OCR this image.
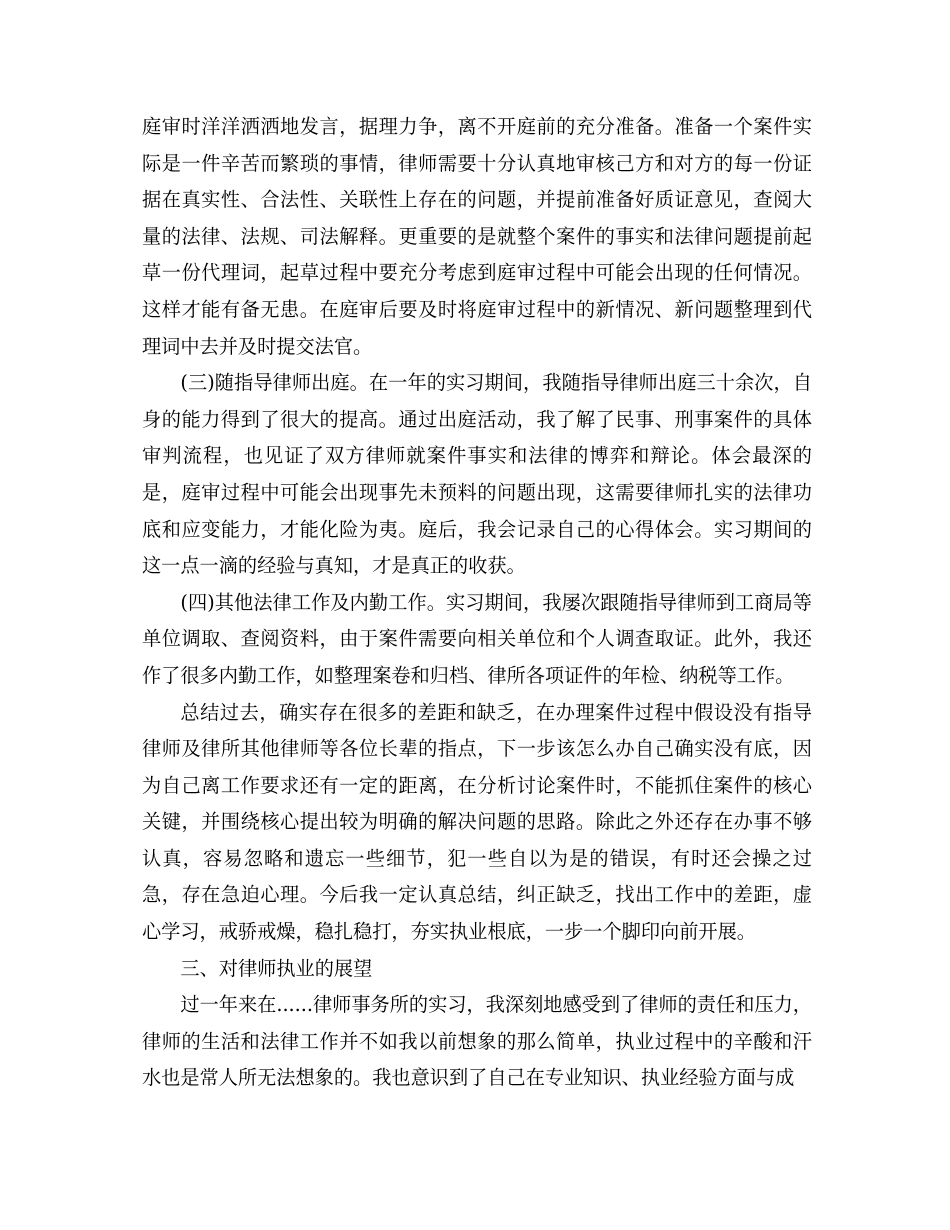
庭审时洋洋洒洒地发言，据理力争，离不开庭前的充分准备。准备一个案件实际是一件辛苦而繁琐的事情，律师需要十分认真地审核己方和对方的每一份证据在真实性、合法性、关联性上存在的问题，并提前准备好质证意见，查阅大量的法律、法规、司法解释。更重要的是就整个案件的事实和法律问题提前起草一份代理词，起草过程中要充分考虑到庭审过程中可能会出现的任何情况。这样才能有备无患。在庭审后要及时将庭审过程中的新情况、新问题整理到代理词中去并及时提交法官。

(三)随指导律师出庭。在一年的实习期间，我随指导律师出庭三十余次，自身的能力得到了很大的提高。通过出庭活动，我了解了民事、刑事案件的具体审判流程，也见证了双方律师就案件事实和法律的博弈和辩论。体会最深的是，庭审过程中可能会出现事先未预料的问题出现，这需要律师扎实的法律功底和应变能力，才能化险为夷。庭后，我会记录自己的心得体会。实习期间的这一点一滴的经验与真知，才是真正的收获。

(四)其他法律工作及内勤工作。实习期间，我屡次跟随指导律师到工商局等单位调取、查阅资料，由于案件需要向相关单位和个人调查取证。此外，我还作了很多内勤工作，如整理案卷和归档、律所各项证件的年检、纳税等工作。

总结过去，确实存在很多的差距和缺乏，在办理案件过程中假设没有指导律师及律所其他律师等各位长辈的指点，下一步该怎么办自己确实没有底，因为自己离工作要求还有一定的距离，在分析讨论案件时，不能抓住案件的核心关键，并围绕核心提出较为明确的解决问题的思路。除此之外还存在办事不够认真，容易忽略和遗忘一些细节，犯一些自以为是的错误，有时还会操之过急，存在急迫心理。今后我一定认真总结，纠正缺乏，找出工作中的差距，虚心学习，戒骄戒燥，稳扎稳打，夯实执业根底，一步一个脚印向前开展。

三、对律师执业的展望

过一年来在......律师事务所的实习，我深刻地感受到了律师的责任和压力，律师的生活和法律工作并不如我以前想象的那么简单，执业过程中的辛酸和汗水也是常人所无法想象的。我也意识到了自己在专业知识、执业经验方面与成
